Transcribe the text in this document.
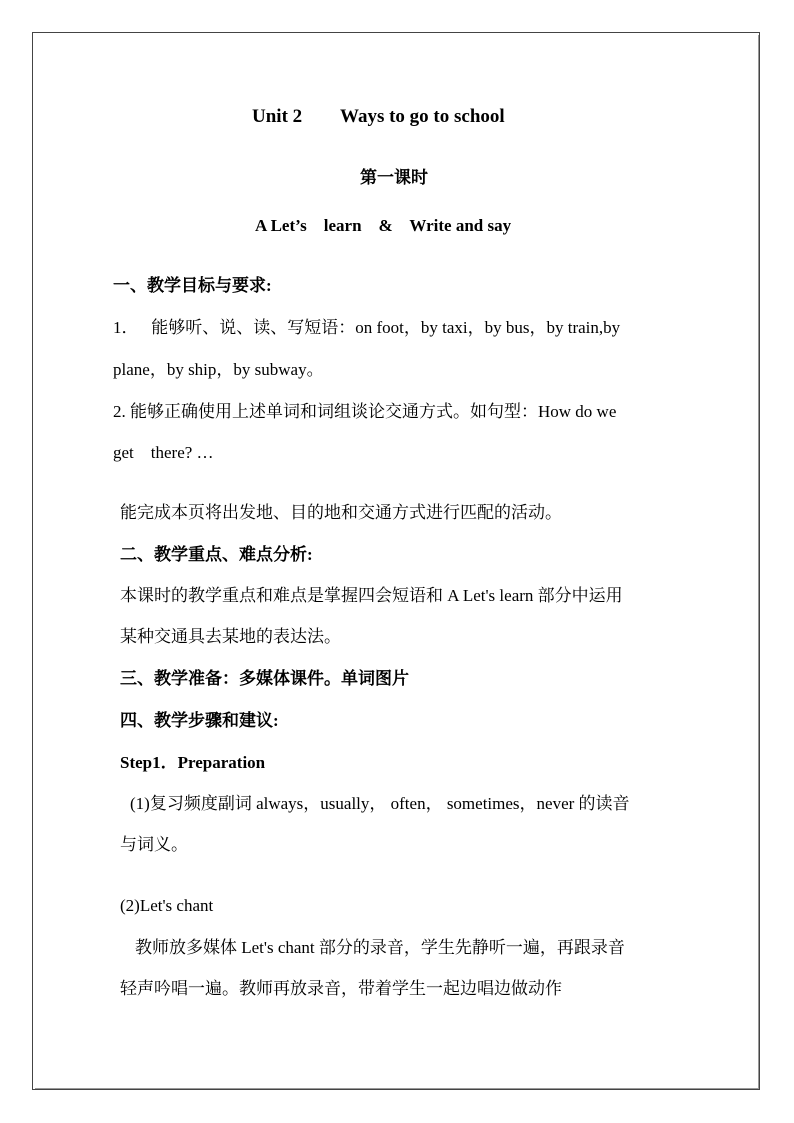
Unit 2 Ways to go to school
第一课时
A Let’s    learn    &    Write and say
一、教学目标与要求:
1．   能够听、说、读、写短语：on foot，by taxi，by bus，by train,by
plane，by ship，by subway。
2. 能够正确使用上述单词和词组谈论交通方式。如句型：How do we
get    there? …
能完成本页将出发地、目的地和交通方式进行匹配的活动。
二、教学重点、难点分析:
本课时的教学重点和难点是掌握四会短语和 A Let's learn 部分中运用
某种交通具去某地的表达法。
三、教学准备：多媒体课件。单词图片
四、教学步骤和建议:
Step1．Preparation
(1)复习频度副词 always，usually， often， sometimes，never 的读音
与词义。
(2)Let's chant
教师放多媒体 Let's chant 部分的录音，学生先静听一遍，再跟录音
轻声吟唱一遍。教师再放录音，带着学生一起边唱边做动作
